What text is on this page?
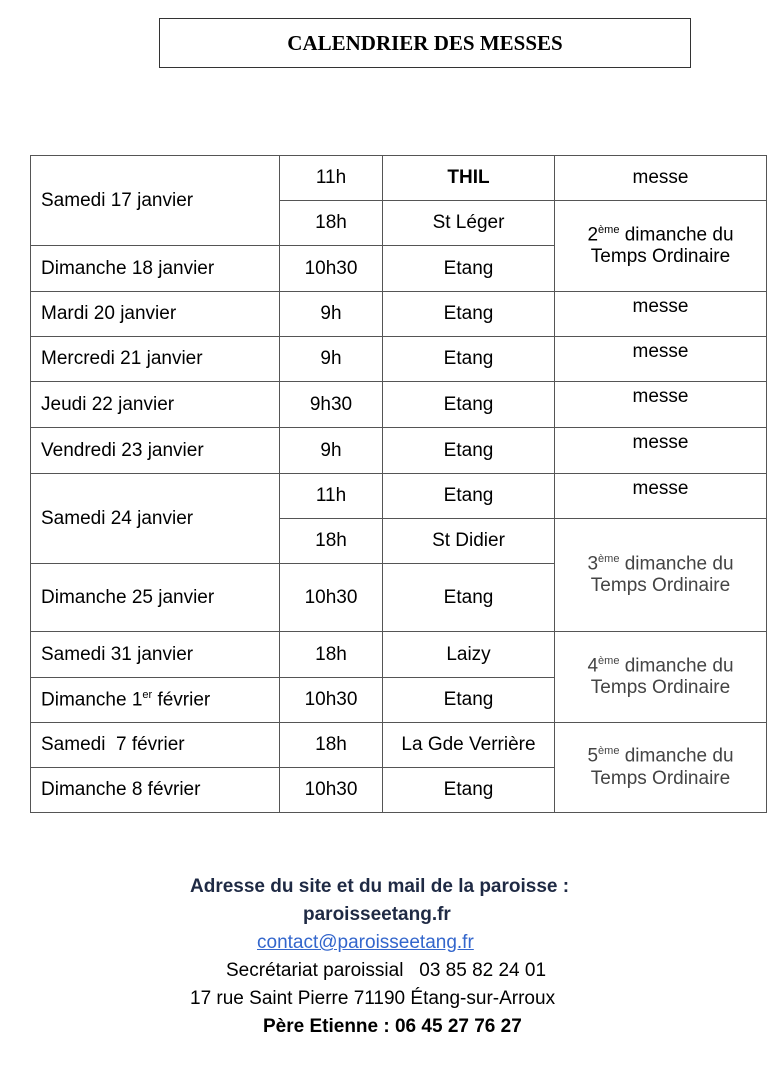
CALENDRIER DES MESSES
Samedi 17 janvier	11h	THIL	messe
	18h	St Léger	2ème dimanche du Temps Ordinaire
Dimanche 18 janvier	10h30	Etang	
Mardi 20 janvier	9h	Etang	messe
Mercredi 21 janvier	9h	Etang	messe
Jeudi 22 janvier	9h30	Etang	messe
Vendredi 23 janvier	9h	Etang	messe
Samedi 24 janvier	11h	Etang	messe
	18h	St Didier	3ème dimanche du Temps Ordinaire
Dimanche 25 janvier	10h30	Etang	
Samedi 31 janvier	18h	Laizy	4ème dimanche du Temps Ordinaire
Dimanche 1er février	10h30	Etang	
Samedi  7 février	18h	La Gde Verrière	5ème dimanche du Temps Ordinaire
Dimanche 8 février	10h30	Etang	
Adresse du site et du mail de la paroisse :
paroisseetang.fr
contact@paroisseetang.fr
Secrétariat paroissial   03 85 82 24 01
17 rue Saint Pierre 71190 Étang-sur-Arroux
Père Etienne : 06 45 27 76 27
